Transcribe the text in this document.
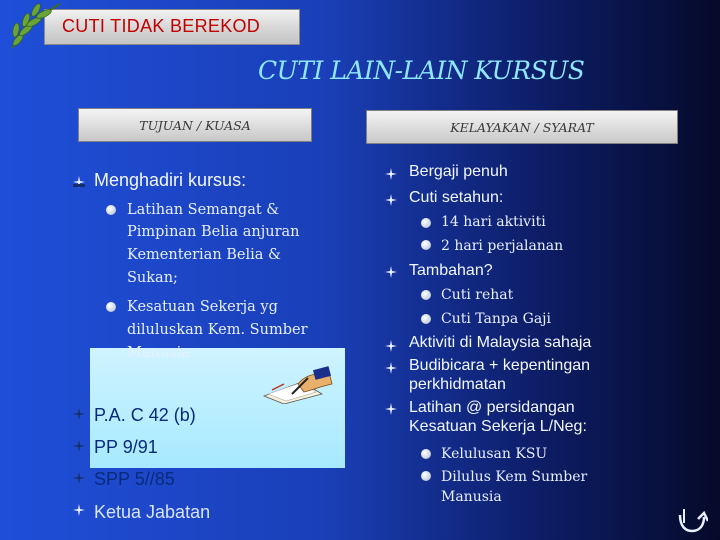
CUTI TIDAK BEREKOD
CUTI LAIN-LAIN KURSUS
TUJUAN / KUASA	KELAYAKAN / SYARAT
Menghadiri kursus:
Latihan Semangat &
Pimpinan Belia anjuran
Kementerian Belia &
Sukan;
Kesatuan Sekerja yg
diluluskan Kem. Sumber
Manusia
P.A. C 42 (b)
PP 9/91
SPP 5//85
Ketua Jabatan
Bergaji penuh
Cuti setahun:
14 hari aktiviti
2 hari perjalanan
Tambahan?
Cuti rehat
Cuti Tanpa Gaji
Aktiviti di Malaysia sahaja
Budibicara + kepentingan
perkhidmatan
Latihan @ persidangan
Kesatuan Sekerja L/Neg:
Kelulusan KSU
Dilulus Kem Sumber
Manusia
